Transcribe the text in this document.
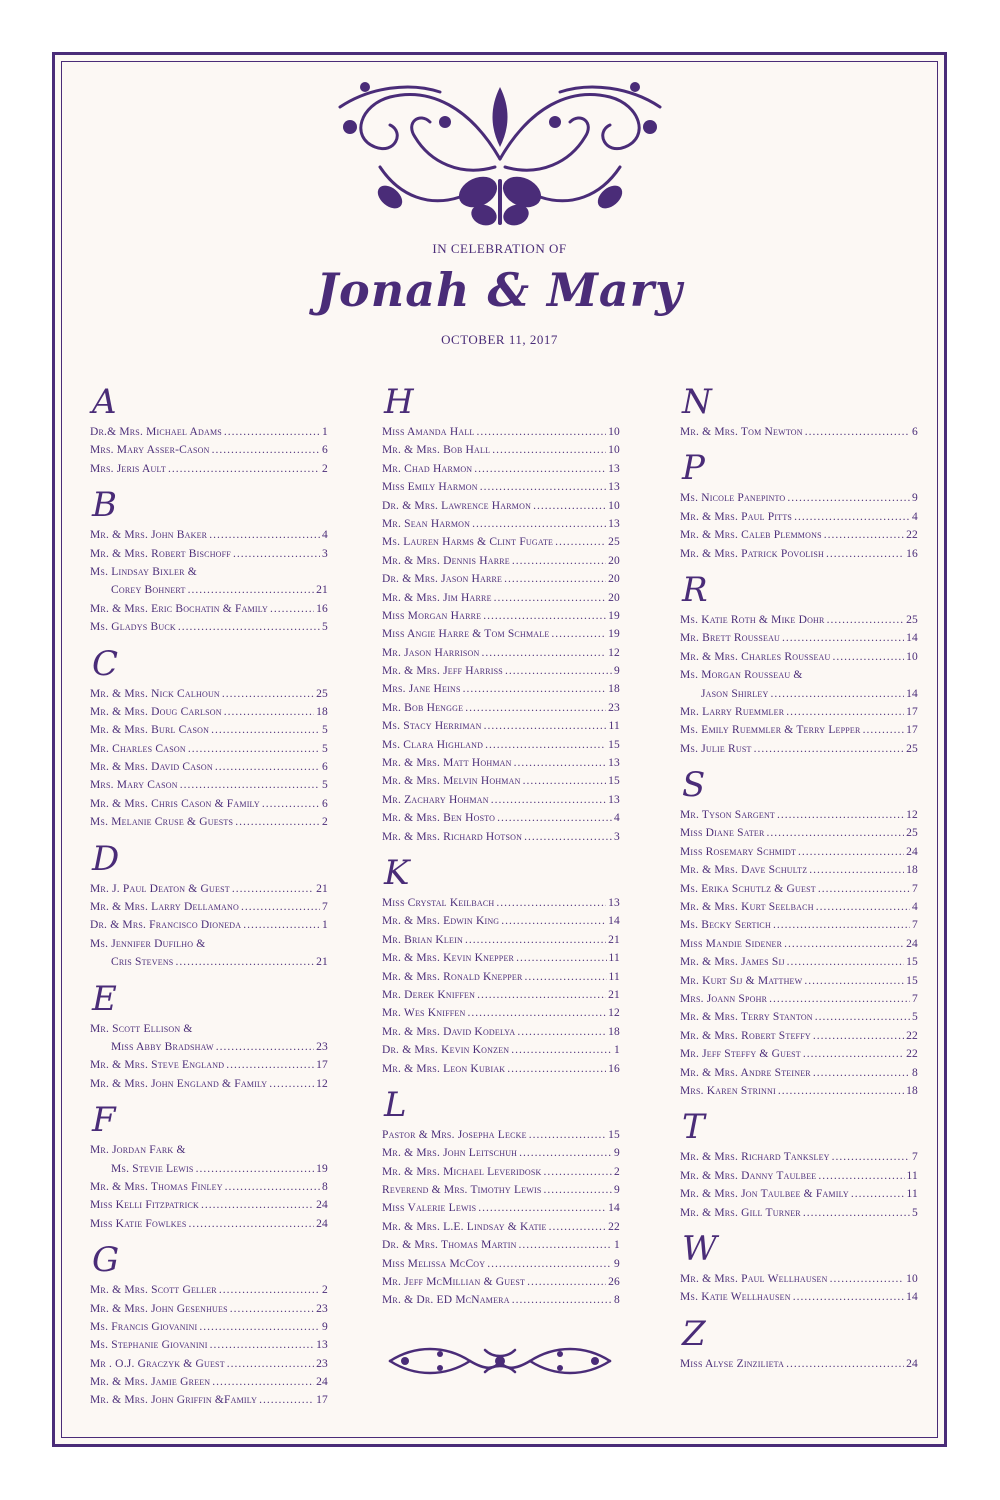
IN CELEBRATION OF
Jonah & Mary
OCTOBER 11, 2017
A
Dr.& Mrs. Michael Adams .....	1
Mrs. Mary Asser-Cason .....	6
Mrs. Jeris Ault .....	2
B
Mr. & Mrs. John Baker .....	4
Mr. & Mrs. Robert Bischoff .....	3
Ms. Lindsay Bixler &
Corey Bohnert .....	21
Mr. & Mrs. Eric Bochatin & Family .....	16
Ms. Gladys Buck .....	5
C
Mr. & Mrs. Nick Calhoun .....	25
Mr. & Mrs. Doug Carlson .....	18
Mr. & Mrs. Burl Cason .....	5
Mr. Charles Cason .....	5
Mr. & Mrs. David Cason .....	6
Mrs. Mary Cason .....	5
Mr. & Mrs. Chris Cason & Family .....	6
Ms. Melanie Cruse & Guests .....	2
D
Mr. J. Paul Deaton & Guest .....	21
Mr. & Mrs. Larry Dellamano .....	7
Dr. & Mrs. Francisco Dioneda .....	1
Ms. Jennifer Dufilho &
Cris Stevens .....	21
E
Mr. Scott Ellison &
Miss Abby Bradshaw .....	23
Mr. & Mrs. Steve England .....	17
Mr. & Mrs. John England & Family .....	12
F
Mr. Jordan Fark &
Ms. Stevie Lewis .....	19
Mr. & Mrs. Thomas Finley .....	8
Miss Kelli Fitzpatrick .....	24
Miss Katie Fowlkes .....	24
G
Mr. & Mrs. Scott Geller .....	2
Mr. & Mrs. John Gesenhues .....	23
Ms. Francis Giovanini .....	9
Ms. Stephanie Giovanini .....	13
Mr . O.J. Graczyk & Guest .....	23
Mr. & Mrs. Jamie Green .....	24
Mr. & Mrs. John Griffin &Family .....	17
H
Miss Amanda Hall .....	10
Mr. & Mrs. Bob Hall .....	10
Mr. Chad Harmon .....	13
Miss Emily Harmon .....	13
Dr. & Mrs. Lawrence Harmon .....	10
Mr. Sean Harmon .....	13
Ms. Lauren Harms & Clint Fugate .....	25
Mr. & Mrs. Dennis Harre .....	20
Dr. & Mrs. Jason Harre .....	20
Mr. & Mrs. Jim Harre .....	20
Miss Morgan Harre .....	19
Miss Angie Harre & Tom Schmale .....	19
Mr. Jason Harrison .....	12
Mr. & Mrs. Jeff Harriss .....	9
Mrs. Jane Heins .....	18
Mr. Bob Hengge .....	23
Ms. Stacy Herriman .....	11
Ms. Clara Highland .....	15
Mr. & Mrs. Matt Hohman .....	13
Mr. & Mrs. Melvin Hohman .....	15
Mr. Zachary Hohman .....	13
Mr. & Mrs. Ben Hosto .....	4
Mr. & Mrs. Richard Hotson .....	3
K
Miss Crystal Keilbach .....	13
Mr. & Mrs. Edwin King .....	14
Mr. Brian Klein .....	21
Mr. & Mrs. Kevin Knepper .....	11
Mr. & Mrs. Ronald Knepper .....	11
Mr. Derek Kniffen .....	21
Mr. Wes Kniffen .....	12
Mr. & Mrs. David Kodelya .....	18
Dr. & Mrs. Kevin Konzen .....	1
Mr. & Mrs. Leon Kubiak .....	16
L
Pastor & Mrs. Josepha Lecke .....	15
Mr. & Mrs. John Leitschuh .....	9
Mr. & Mrs. Michael Leveridosk .....	2
Reverend & Mrs. Timothy Lewis .....	9
Miss Valerie Lewis .....	14
Mr. & Mrs. L.E. Lindsay & Katie .....	22
Dr. & Mrs. Thomas Martin .....	1
Miss Melissa McCoy .....	9
Mr. Jeff McMillian & Guest .....	26
Mr. & Dr. ED McNamera .....	8
N
Mr. & Mrs. Tom Newton .....	6
P
Ms. Nicole Panepinto .....	9
Mr. & Mrs. Paul Pitts .....	4
Mr. & Mrs. Caleb Plemmons .....	22
Mr. & Mrs. Patrick Povolish .....	16
R
Ms. Katie Roth & Mike Dohr .....	25
Mr. Brett Rousseau .....	14
Mr. & Mrs. Charles Rousseau .....	10
Ms. Morgan Rousseau &
Jason Shirley .....	14
Mr. Larry Ruemmler .....	17
Ms. Emily Ruemmler & Terry Lepper .....	17
Ms. Julie Rust .....	25
S
Mr. Tyson Sargent .....	12
Miss Diane Sater .....	25
Miss Rosemary Schmidt .....	24
Mr. & Mrs. Dave Schultz .....	18
Ms. Erika Schutlz & Guest .....	7
Mr. & Mrs. Kurt Seelbach .....	4
Ms. Becky Sertich .....	7
Miss Mandie Sidener .....	24
Mr. & Mrs. James Sij .....	15
Mr. Kurt Sij & Matthew .....	15
Mrs. Joann Spohr .....	7
Mr. & Mrs. Terry Stanton .....	5
Mr. & Mrs. Robert Steffy .....	22
Mr. Jeff Steffy & Guest .....	22
Mr. & Mrs. Andre Steiner .....	8
Mrs. Karen Strinni .....	18
T
Mr. & Mrs. Richard Tanksley .....	7
Mr. & Mrs. Danny Taulbee .....	11
Mr. & Mrs. Jon Taulbee & Family .....	11
Mr. & Mrs. Gill Turner .....	5
W
Mr. & Mrs. Paul Wellhausen .....	10
Ms. Katie Wellhausen .....	14
Z
Miss Alyse Zinzilieta .....	24
